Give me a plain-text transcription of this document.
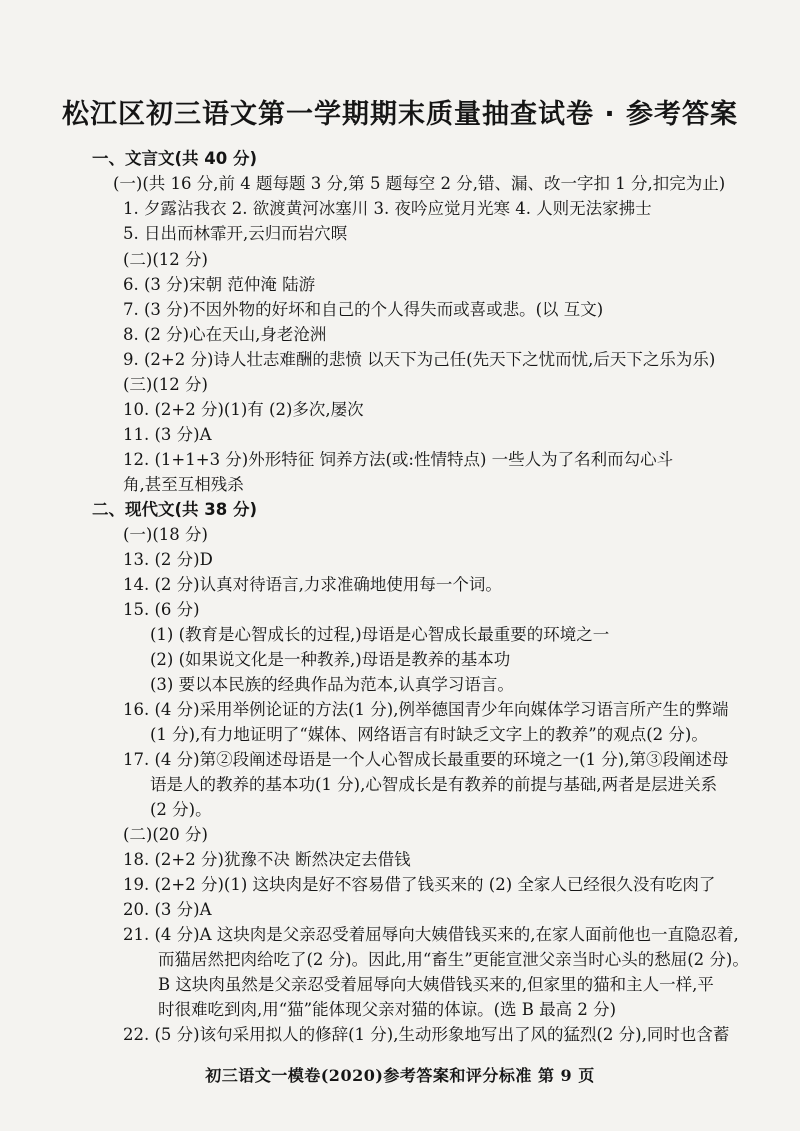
松江区初三语文第一学期期末质量抽查试卷 · 参考答案
一、文言文(共 40 分)
(一)(共 16 分,前 4 题每题 3 分,第 5 题每空 2 分,错、漏、改一字扣 1 分,扣完为止)
1. 夕露沾我衣 2. 欲渡黄河冰塞川 3. 夜吟应觉月光寒 4. 人则无法家拂士
5. 日出而林霏开,云归而岩穴暝
(二)(12 分)
6. (3 分)宋朝 范仲淹 陆游
7. (3 分)不因外物的好坏和自己的个人得失而或喜或悲。(以 互文)
8. (2 分)心在天山,身老沧洲
9. (2+2 分)诗人壮志难酬的悲愤 以天下为己任(先天下之忧而忧,后天下之乐为乐)
(三)(12 分)
10. (2+2 分)(1)有 (2)多次,屡次
11. (3 分)A
12. (1+1+3 分)外形特征 饲养方法(或:性情特点) 一些人为了名利而勾心斗
角,甚至互相残杀
二、现代文(共 38 分)
(一)(18 分)
13. (2 分)D
14. (2 分)认真对待语言,力求准确地使用每一个词。
15. (6 分)
(1) (教育是心智成长的过程,)母语是心智成长最重要的环境之一
(2) (如果说文化是一种教养,)母语是教养的基本功
(3) 要以本民族的经典作品为范本,认真学习语言。
16. (4 分)采用举例论证的方法(1 分),例举德国青少年向媒体学习语言所产生的弊端
(1 分),有力地证明了“媒体、网络语言有时缺乏文字上的教养”的观点(2 分)。
17. (4 分)第②段阐述母语是一个人心智成长最重要的环境之一(1 分),第③段阐述母
语是人的教养的基本功(1 分),心智成长是有教养的前提与基础,两者是层进关系
(2 分)。
(二)(20 分)
18. (2+2 分)犹豫不决 断然决定去借钱
19. (2+2 分)(1) 这块肉是好不容易借了钱买来的 (2) 全家人已经很久没有吃肉了
20. (3 分)A
21. (4 分)A 这块肉是父亲忍受着屈辱向大姨借钱买来的,在家人面前他也一直隐忍着,
而猫居然把肉给吃了(2 分)。因此,用“畜生”更能宣泄父亲当时心头的愁屈(2 分)。
B 这块肉虽然是父亲忍受着屈辱向大姨借钱买来的,但家里的猫和主人一样,平
时很难吃到肉,用“猫”能体现父亲对猫的体谅。(选 B 最高 2 分)
22. (5 分)该句采用拟人的修辞(1 分),生动形象地写出了风的猛烈(2 分),同时也含蓄
初三语文一模卷(2020)参考答案和评分标准 第 9 页
